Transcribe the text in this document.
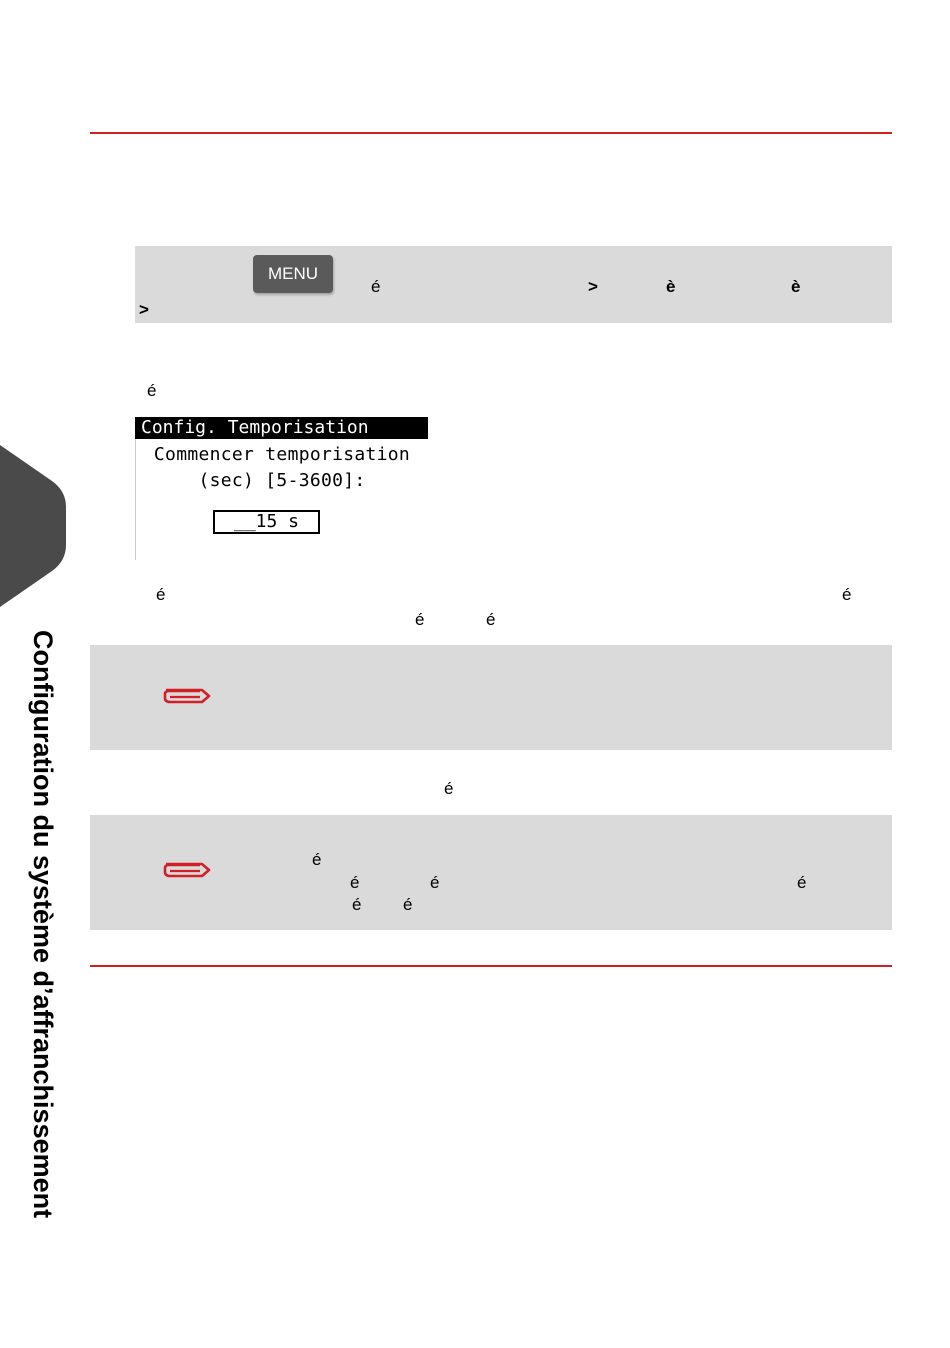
MENU
é	>	è	è
>
é
Config. Temporisation
Commencer temporisation
(sec) [5-3600]:
__15 s
é	é
é	é
é
é
é	é	é
é é
Configuration du système d’affranchissement
